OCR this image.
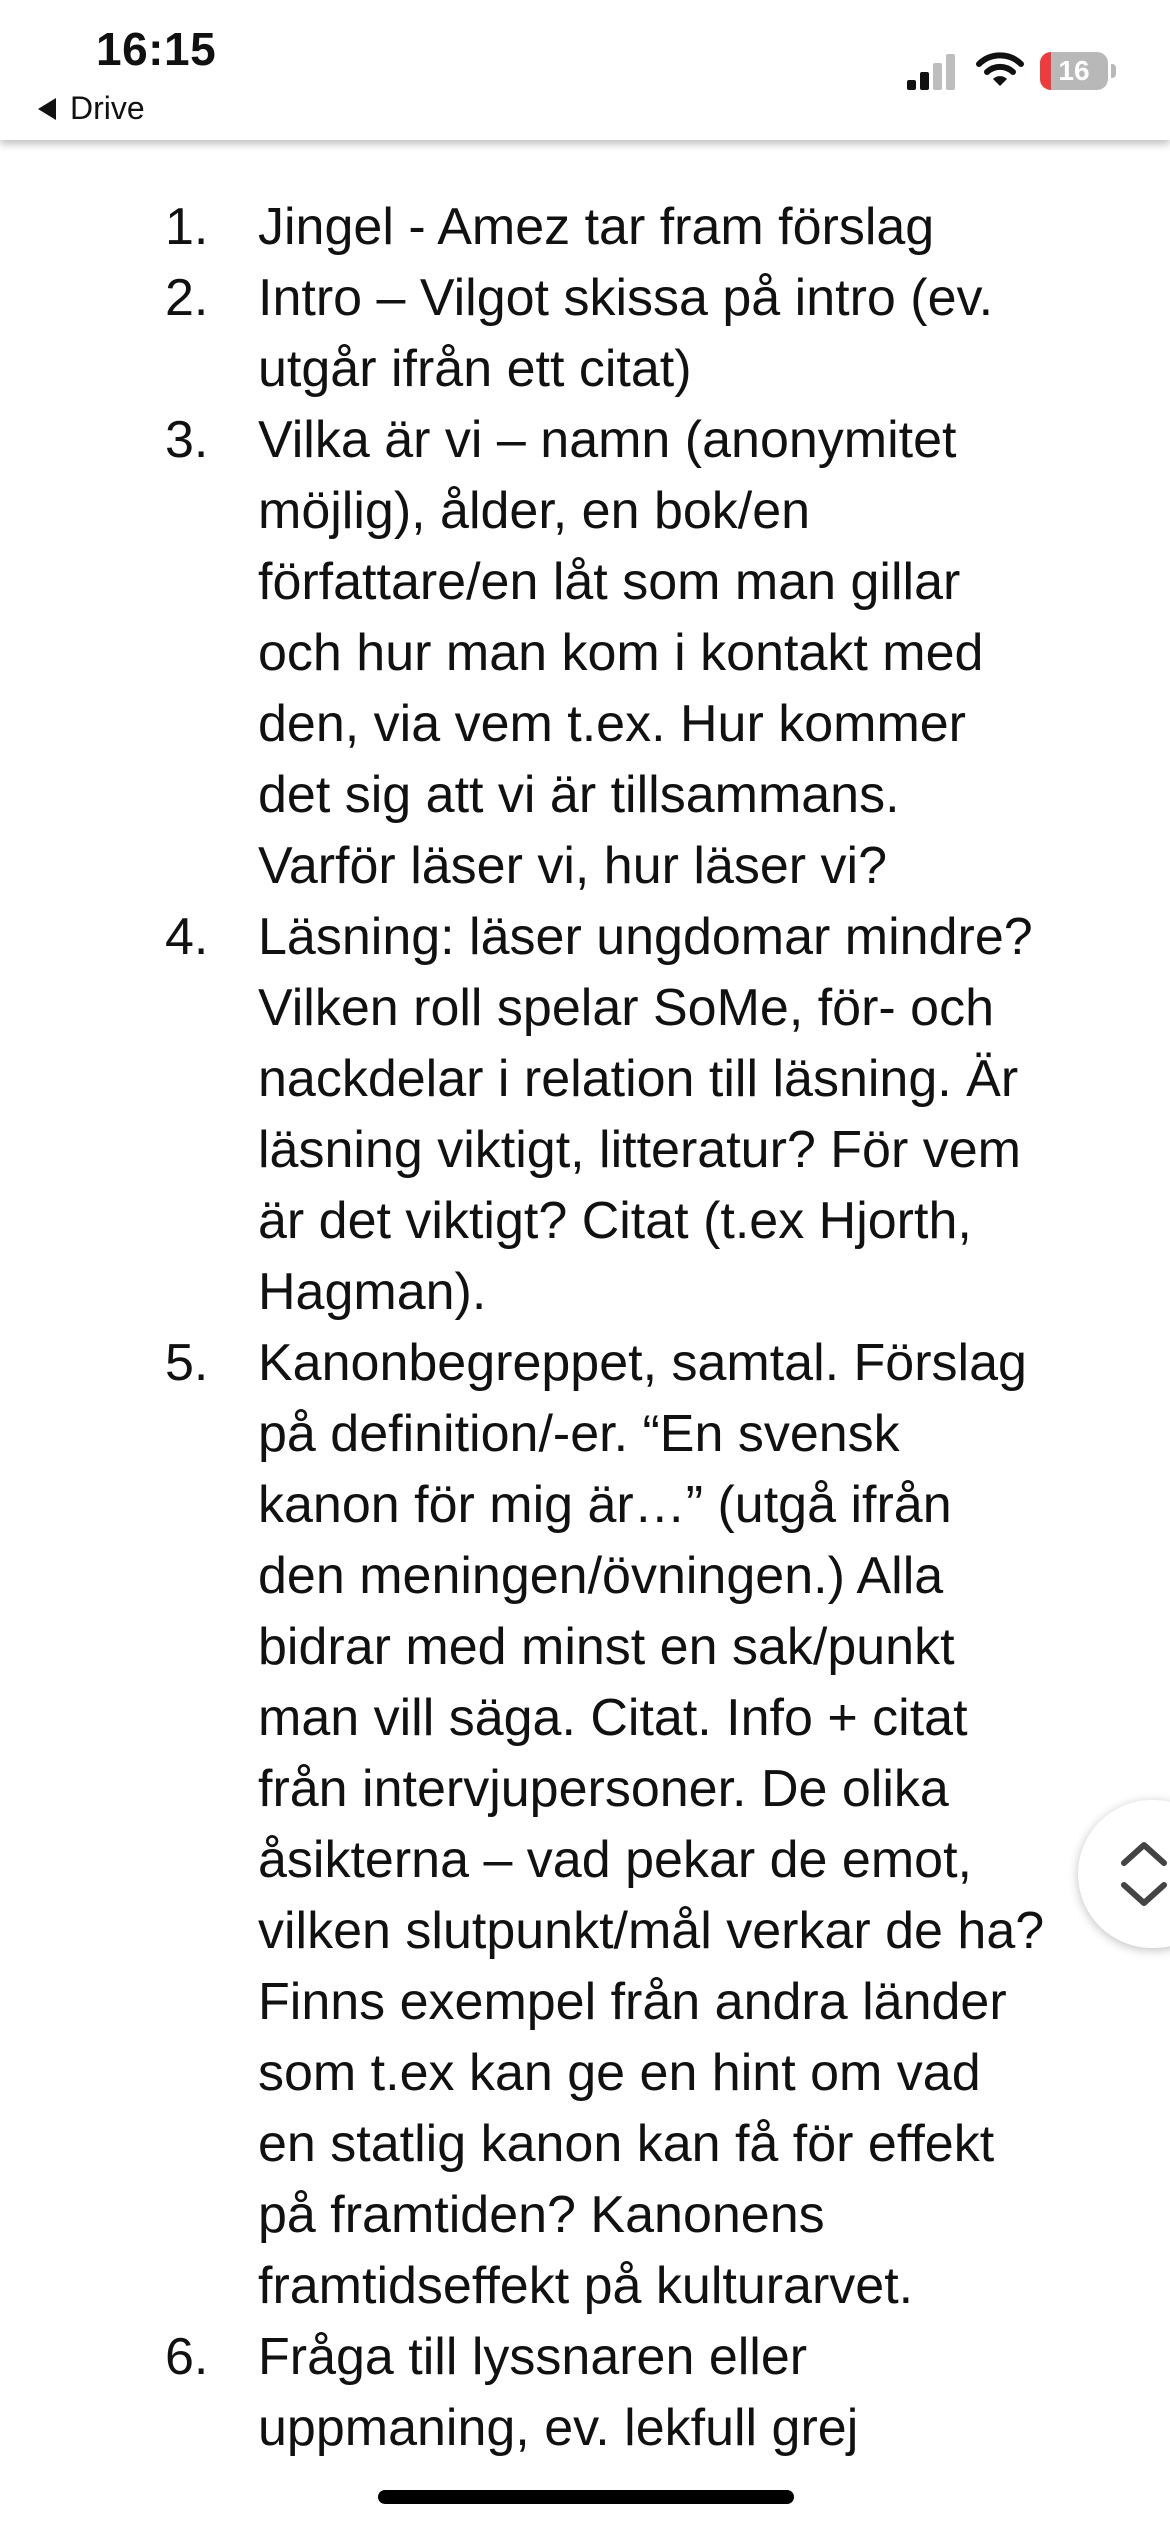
16:15
Drive
16
1. Jingel - Amez tar fram förslag
2. Intro – Vilgot skissa på intro (ev.
utgår ifrån ett citat)
3. Vilka är vi – namn (anonymitet
möjlig), ålder, en bok/en
författare/en låt som man gillar
och hur man kom i kontakt med
den, via vem t.ex. Hur kommer
det sig att vi är tillsammans.
Varför läser vi, hur läser vi?
4. Läsning: läser ungdomar mindre?
Vilken roll spelar SoMe, för- och
nackdelar i relation till läsning. Är
läsning viktigt, litteratur? För vem
är det viktigt? Citat (t.ex Hjorth,
Hagman).
5. Kanonbegreppet, samtal. Förslag
på definition/-er. “En svensk
kanon för mig är…” (utgå ifrån
den meningen/övningen.) Alla
bidrar med minst en sak/punkt
man vill säga. Citat. Info + citat
från intervjupersoner. De olika
åsikterna – vad pekar de emot,
vilken slutpunkt/mål verkar de ha?
Finns exempel från andra länder
som t.ex kan ge en hint om vad
en statlig kanon kan få för effekt
på framtiden? Kanonens
framtidseffekt på kulturarvet.
6. Fråga till lyssnaren eller
uppmaning, ev. lekfull grej
